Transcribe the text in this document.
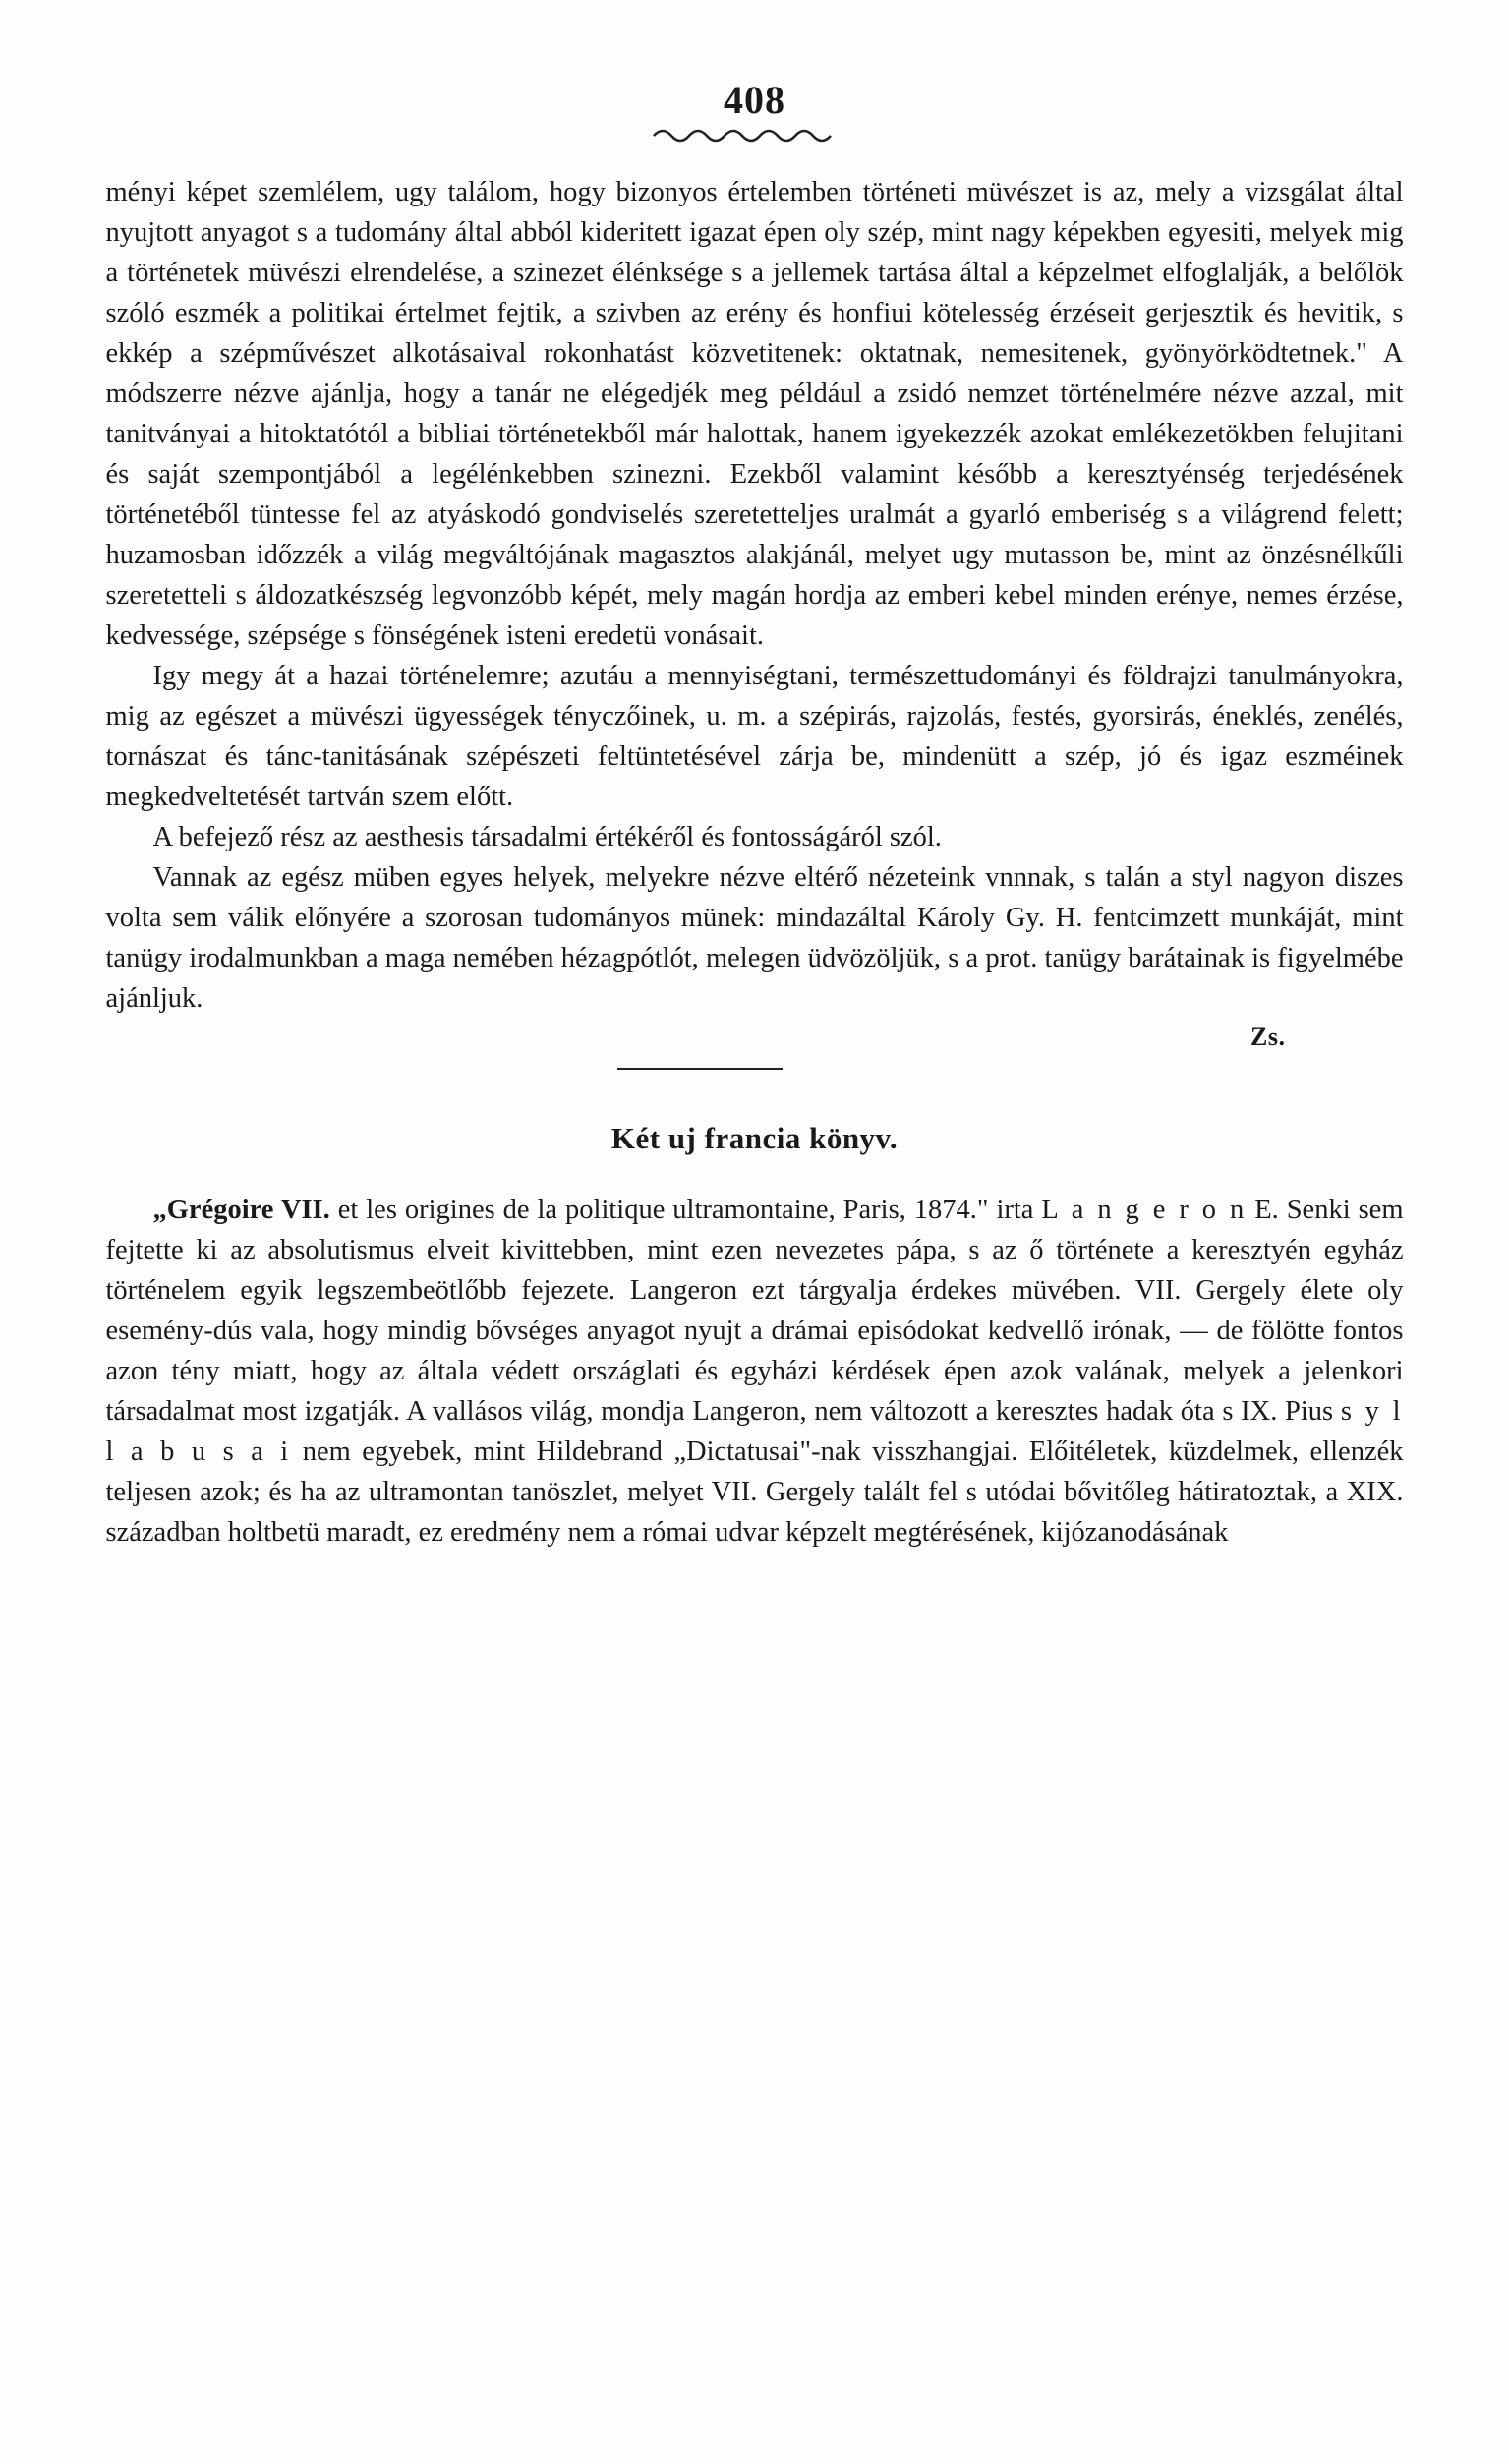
408

ményi képet szemlélem, ugy találom, hogy bizonyos értelemben történeti müvészet is az, mely a vizsgálat által nyujtott anyagot s a tudomány által abból kideritett igazat épen oly szép, mint nagy képekben egyesiti, melyek mig a történetek müvészi elrendelése, a szinezet élénksége s a jellemek tartása által a képzelmet elfoglalják, a belőlök szóló eszmék a politikai értelmet fejtik, a szivben az erény és honfiui kötelesség érzéseit gerjesztik és hevitik, s ekkép a szépművészet alkotásaival rokonhatást közvetitenek: oktatnak, nemesitenek, gyönyörködtetnek." A módszerre nézve ajánlja, hogy a tanár ne elégedjék meg például a zsidó nemzet történelmére nézve azzal, mit tanitványai a hitoktatótól a bibliai történetekből már halottak, hanem igyekezzék azokat emlékezetökben felujitani és saját szempontjából a legélénkebben szinezni. Ezekből valamint később a keresztyénség terjedésének történetéből tüntesse fel az atyáskodó gondviselés szeretetteljes uralmát a gyarló emberiség s a világrend felett; huzamosban időzzék a világ megváltójának magasztos alakjánál, melyet ugy mutasson be, mint az önzésnélkűli szeretetteli s áldozatkészség legvonzóbb képét, mely magán hordja az emberi kebel minden erénye, nemes érzése, kedvessége, szépsége s fönségének isteni eredetü vonásait.

Igy megy át a hazai történelemre; azutáu a mennyiségtani, természettudományi és földrajzi tanulmányokra, mig az egészet a müvészi ügyességek tényczőinek, u. m. a szépirás, rajzolás, festés, gyorsirás, éneklés, zenélés, tornászat és tánc-tanitásának szépészeti feltüntetésével zárja be, mindenütt a szép, jó és igaz eszméinek megkedveltetését tartván szem előtt.

A befejező rész az aesthesis társadalmi értékéről és fontosságáról szól.

Vannak az egész müben egyes helyek, melyekre nézve eltérő nézeteink vnnnak, s talán a styl nagyon diszes volta sem válik előnyére a szorosan tudományos münek: mindazáltal Károly Gy. H. fentcimzett munkáját, mint tanügy irodalmunkban a maga nemében hézagpótlót, melegen üdvözöljük, s a prot. tanügy barátainak is figyelmébe ajánljuk.

Zs.
Két uj francia könyv.

„Grégoire VII. et les origines de la politique ultramontaine, Paris, 1874." irta L a n g e r o n E. Senki sem fejtette ki az absolutismus elveit kivittebben, mint ezen nevezetes pápa, s az ő története a keresztyén egyház történelem egyik legszembeötlőbb fejezete. Langeron ezt tárgyalja érdekes müvében. VII. Gergely élete oly esemény-dús vala, hogy mindig bővséges anyagot nyujt a drámai episódokat kedvellő irónak, — de fölötte fontos azon tény miatt, hogy az általa védett országlati és egyházi kérdések épen azok valának, melyek a jelenkori társadalmat most izgatják. A vallásos világ, mondja Langeron, nem változott a keresztes hadak óta s IX. Pius s y l l a b u s a i nem egyebek, mint Hildebrand „Dictatusai"-nak visszhangjai. Előitéletek, küzdelmek, ellenzék teljesen azok; és ha az ultramontan tanöszlet, melyet VII. Gergely talált fel s utódai bővitőleg hátiratoztak, a XIX. században holtbetü maradt, ez eredmény nem a római udvar képzelt megtérésének, kijózanodásának
